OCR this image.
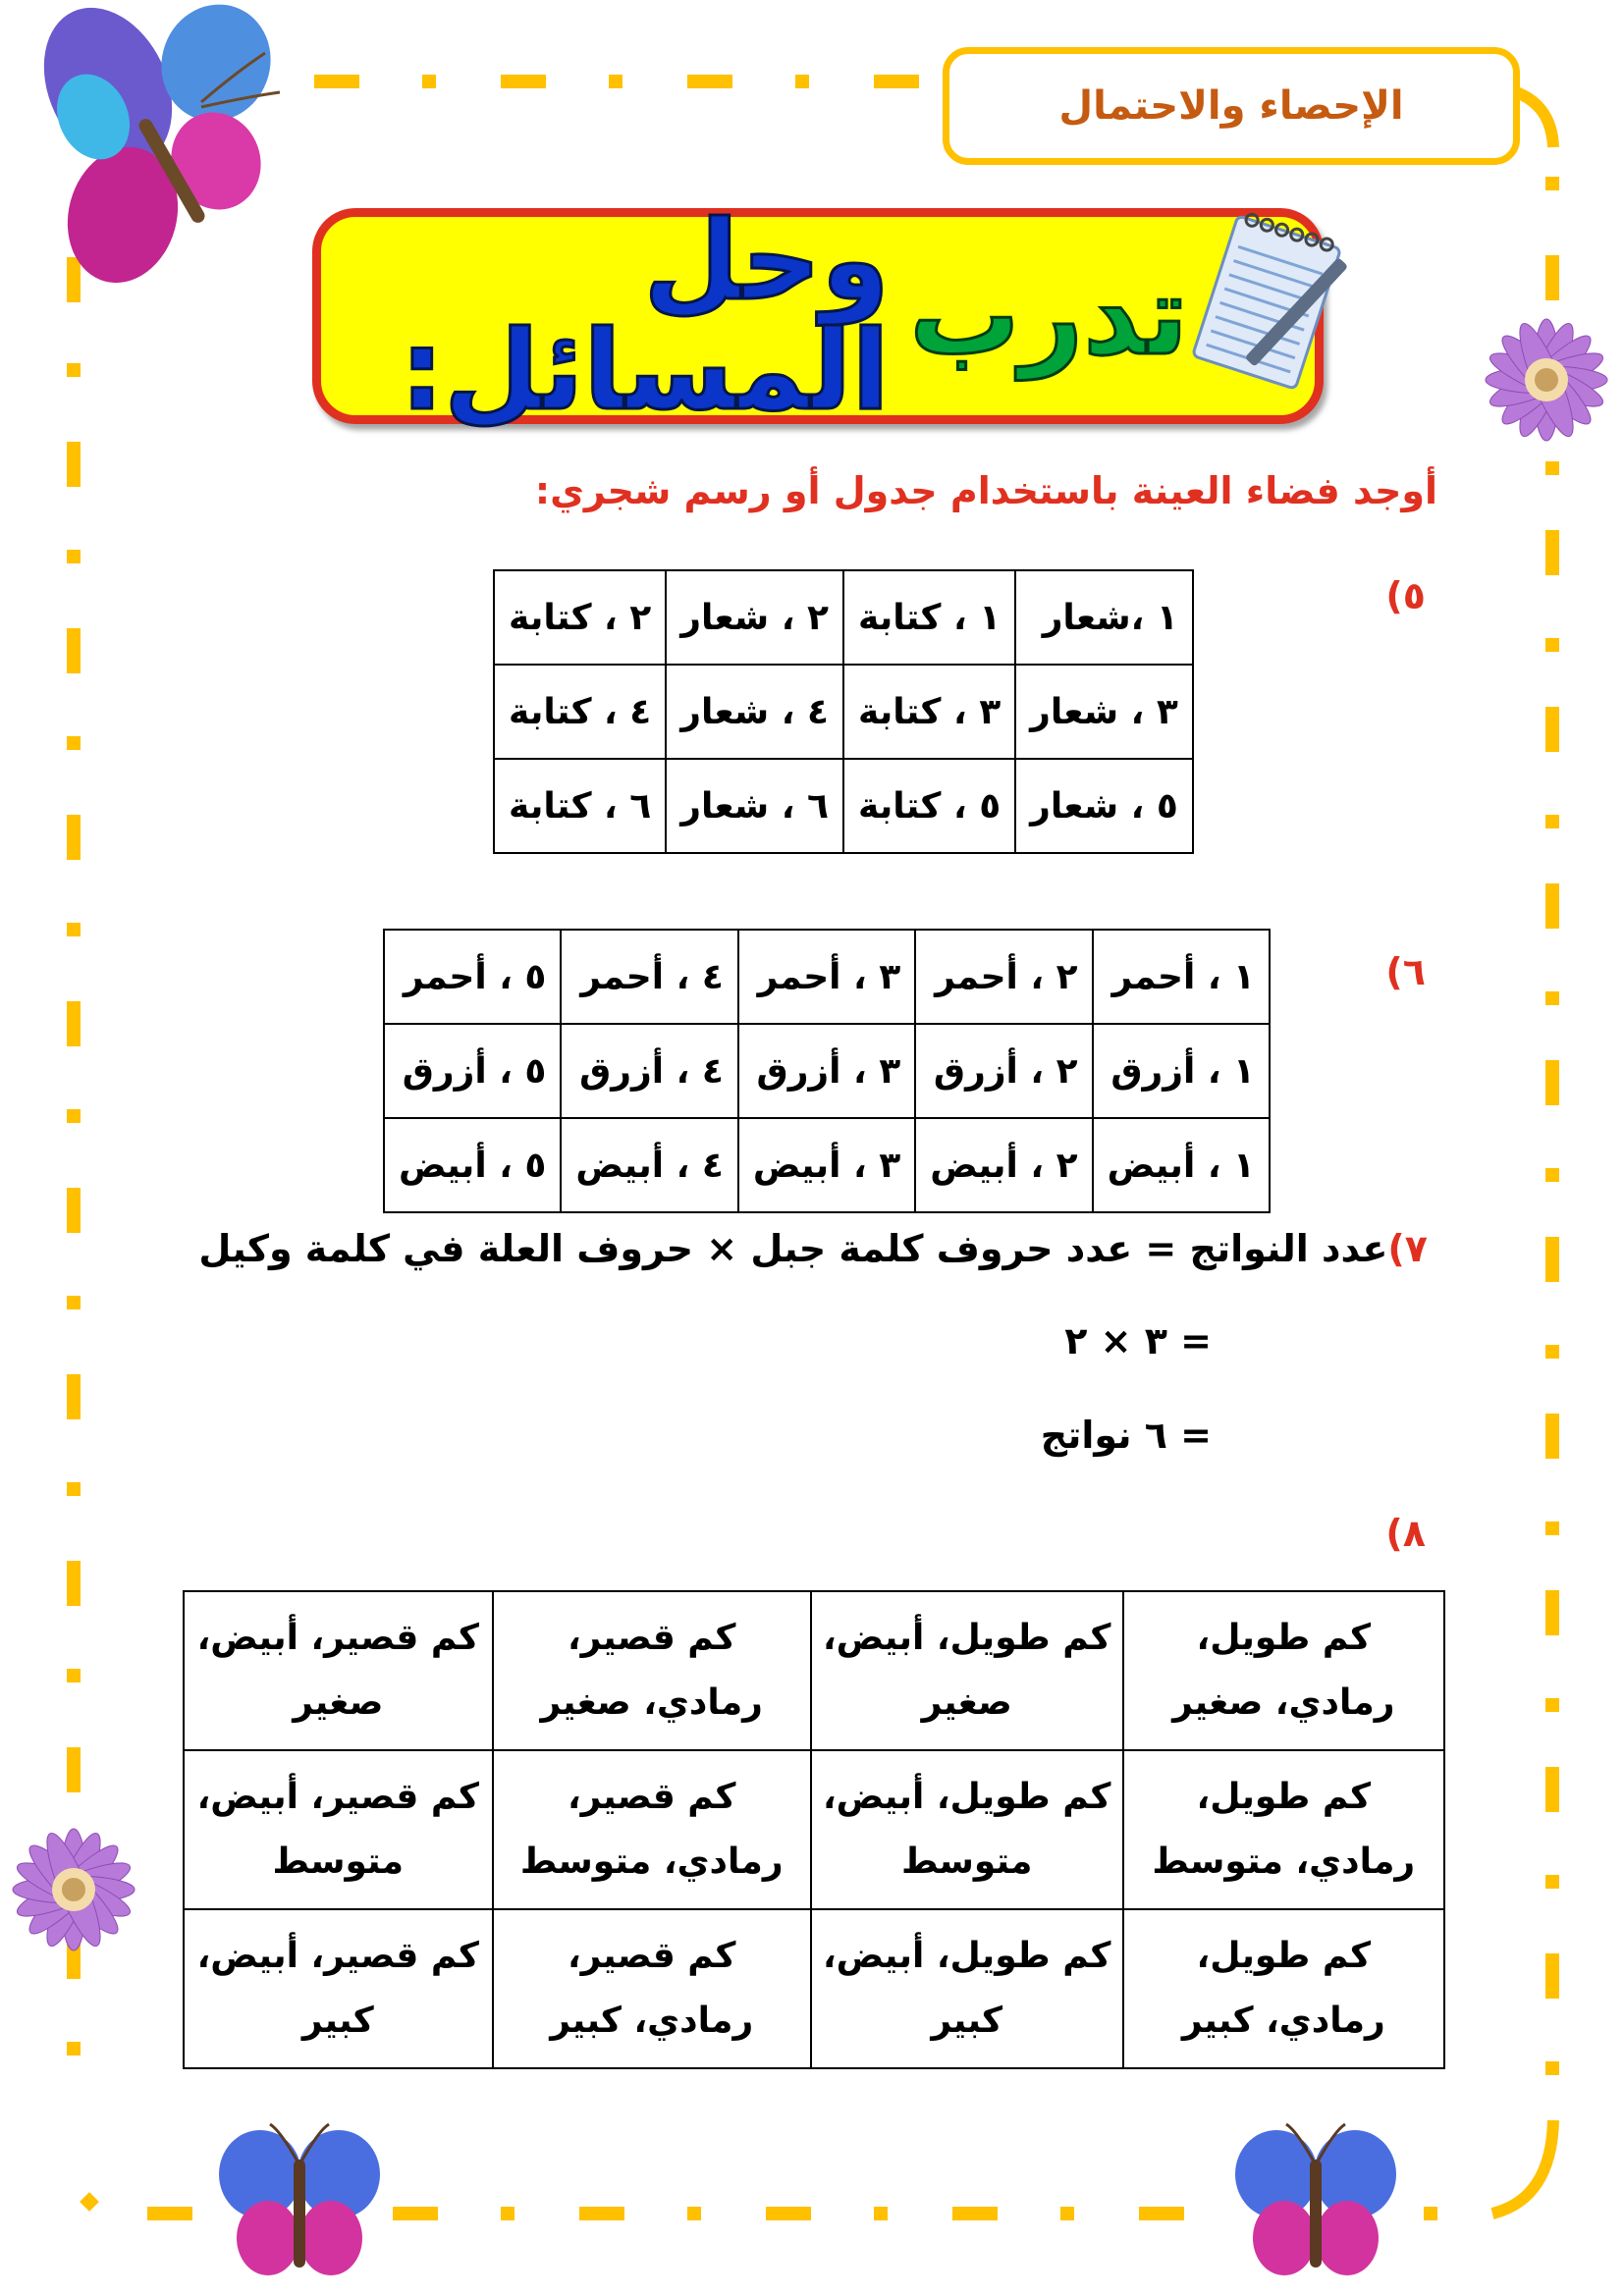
الإحصاء والاحتمال
تدرب
وحل المسائل:
أوجد فضاء العينة باستخدام جدول أو رسم شجري:
٥)
١ ،شعار	١ ، كتابة	٢ ، شعار	٢ ، كتابة
٣ ، شعار	٣ ، كتابة	٤ ، شعار	٤ ، كتابة
٥ ، شعار	٥ ، كتابة	٦ ، شعار	٦ ، كتابة
٦)
١ ، أحمر	٢ ، أحمر	٣ ، أحمر	٤ ، أحمر	٥ ، أحمر
١ ، أزرق	٢ ، أزرق	٣ ، أزرق	٤ ، أزرق	٥ ، أزرق
١ ، أبيض	٢ ، أبيض	٣ ، أبيض	٤ ، أبيض	٥ ، أبيض
٧)عدد النواتج = عدد حروف كلمة جبل × حروف العلة في كلمة وكيل
= ٣ × ٢
= ٦ نواتج
٨)
كم طويل، رمادي، صغير	كم طويل، أبيض، صغير	كم قصير، رمادي، صغير	كم قصير، أبيض، صغير
كم طويل، رمادي، متوسط	كم طويل، أبيض، متوسط	كم قصير، رمادي، متوسط	كم قصير، أبيض، متوسط
كم طويل، رمادي، كبير	كم طويل، أبيض، كبير	كم قصير، رمادي، كبير	كم قصير، أبيض، كبير
